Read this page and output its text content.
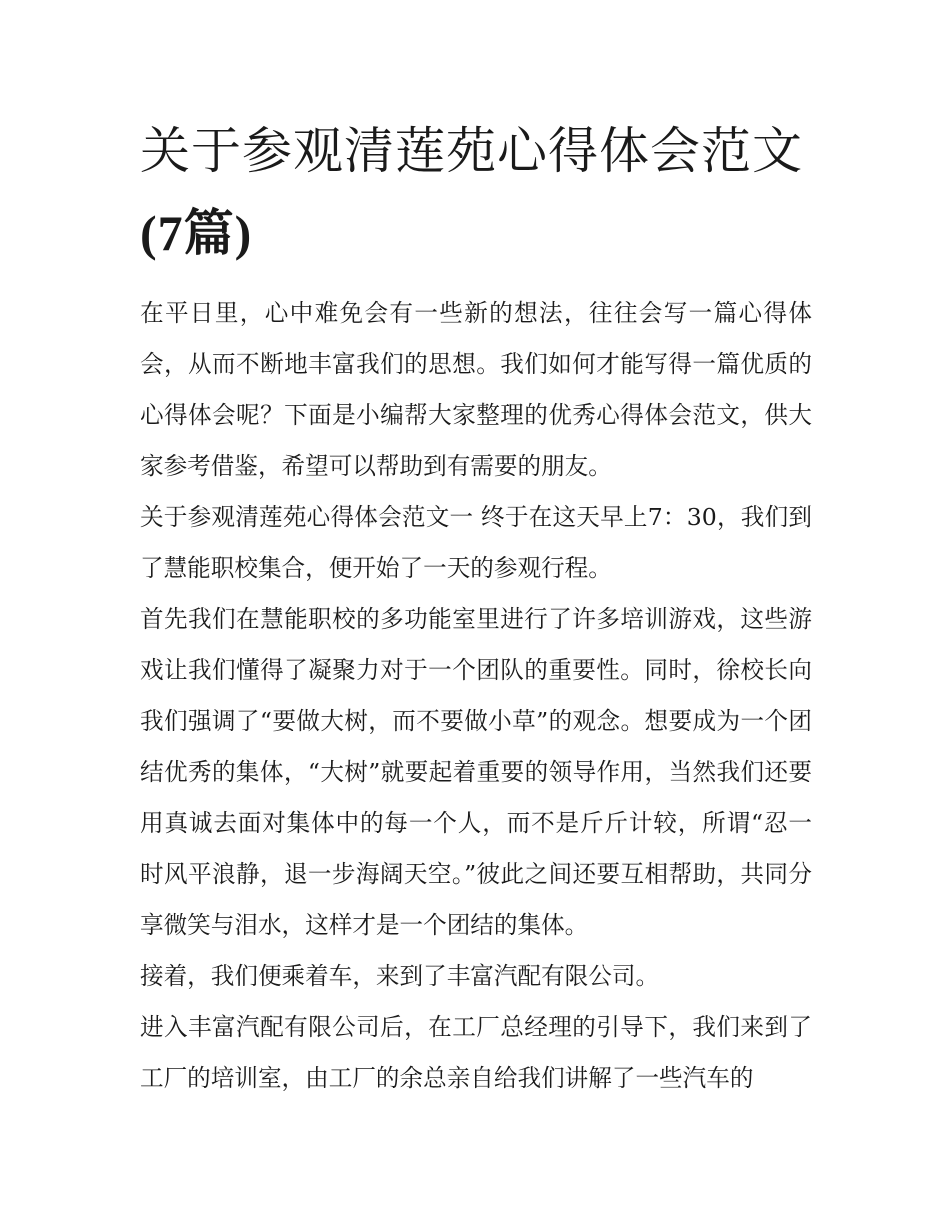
关于参观清莲苑心得体会范文
(7篇)

在平日里，心中难免会有一些新的想法，往往会写一篇心得体会，从而不断地丰富我们的思想。我们如何才能写得一篇优质的心得体会呢？下面是小编帮大家整理的优秀心得体会范文，供大家参考借鉴，希望可以帮助到有需要的朋友。

关于参观清莲苑心得体会范文一 终于在这天早上7：30，我们到了慧能职校集合，便开始了一天的参观行程。

首先我们在慧能职校的多功能室里进行了许多培训游戏，这些游戏让我们懂得了凝聚力对于一个团队的重要性。同时，徐校长向我们强调了“要做大树，而不要做小草”的观念。想要成为一个团结优秀的集体，“大树”就要起着重要的领导作用，当然我们还要用真诚去面对集体中的每一个人，而不是斤斤计较，所谓“忍一时风平浪静，退一步海阔天空。”彼此之间还要互相帮助，共同分享微笑与泪水，这样才是一个团结的集体。

接着，我们便乘着车，来到了丰富汽配有限公司。

进入丰富汽配有限公司后，在工厂总经理的引导下，我们来到了工厂的培训室，由工厂的余总亲自给我们讲解了一些汽车的
